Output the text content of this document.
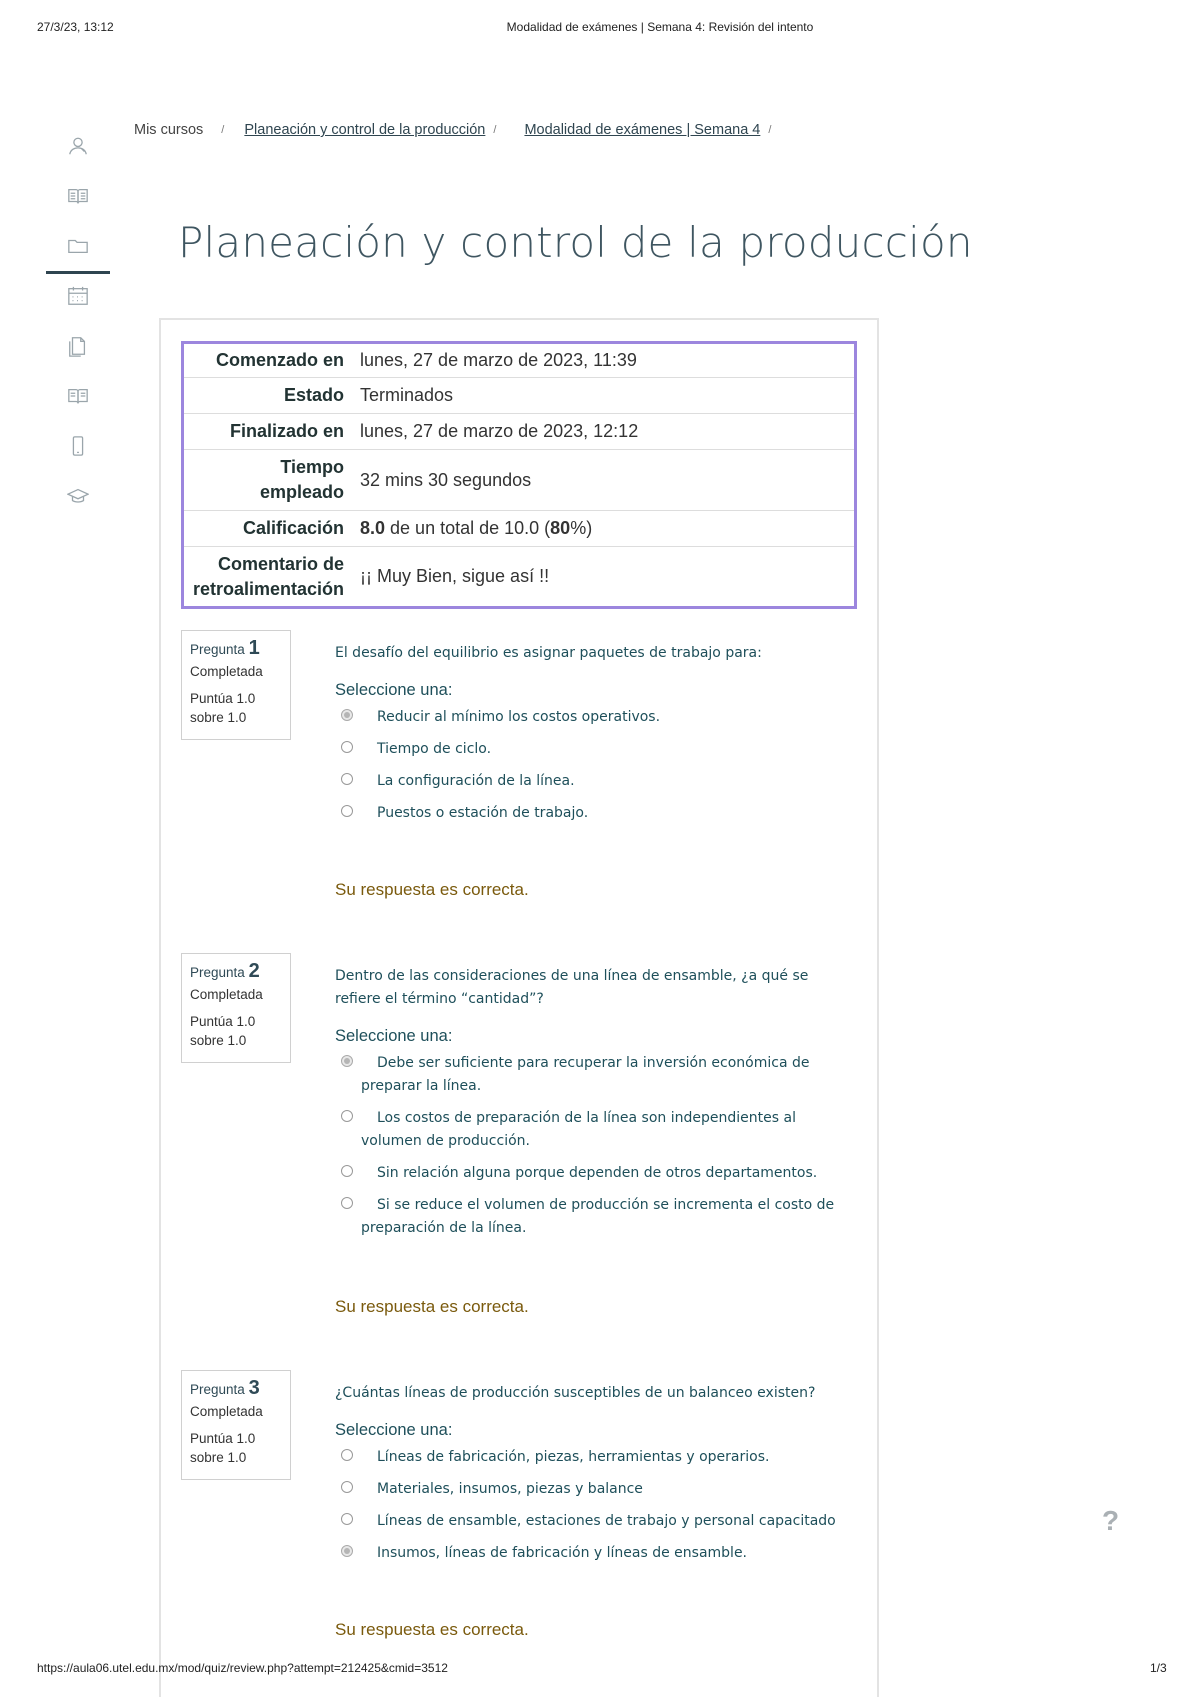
27/3/23, 13:12	Modalidad de exámenes | Semana 4: Revisión del intento
Mis cursos / Planeación y control de la producción / Modalidad de exámenes | Semana 4 /
Planeación y control de la producción
Comenzado en	lunes, 27 de marzo de 2023, 11:39
Estado	Terminados
Finalizado en	lunes, 27 de marzo de 2023, 12:12
Tiempo
empleado	32 mins 30 segundos
Calificación	8.0 de un total de 10.0 (80%)
Comentario de
retroalimentación	¡¡ Muy Bien, sigue así !!
Pregunta 1
Completada
Puntúa 1.0
sobre 1.0
El desafío del equilibrio es asignar paquetes de trabajo para:
Seleccione una:
Reducir al mínimo los costos operativos.
Tiempo de ciclo.
La configuración de la línea.
Puestos o estación de trabajo.
Su respuesta es correcta.
Pregunta 2
Completada
Puntúa 1.0
sobre 1.0
Dentro de las consideraciones de una línea de ensamble, ¿a qué se refiere el término “cantidad”?
Seleccione una:
Debe ser suficiente para recuperar la inversión económica de preparar la línea.
Los costos de preparación de la línea son independientes al volumen de producción.
Sin relación alguna porque dependen de otros departamentos.
Si se reduce el volumen de producción se incrementa el costo de preparación de la línea.
Su respuesta es correcta.
Pregunta 3
Completada
Puntúa 1.0
sobre 1.0
¿Cuántas líneas de producción susceptibles de un balanceo existen?
Seleccione una:
Líneas de fabricación, piezas, herramientas y operarios.
Materiales, insumos, piezas y balance
Líneas de ensamble, estaciones de trabajo y personal capacitado
Insumos, líneas de fabricación y líneas de ensamble.
Su respuesta es correcta.
?
https://aula06.utel.edu.mx/mod/quiz/review.php?attempt=212425&cmid=3512	1/3
